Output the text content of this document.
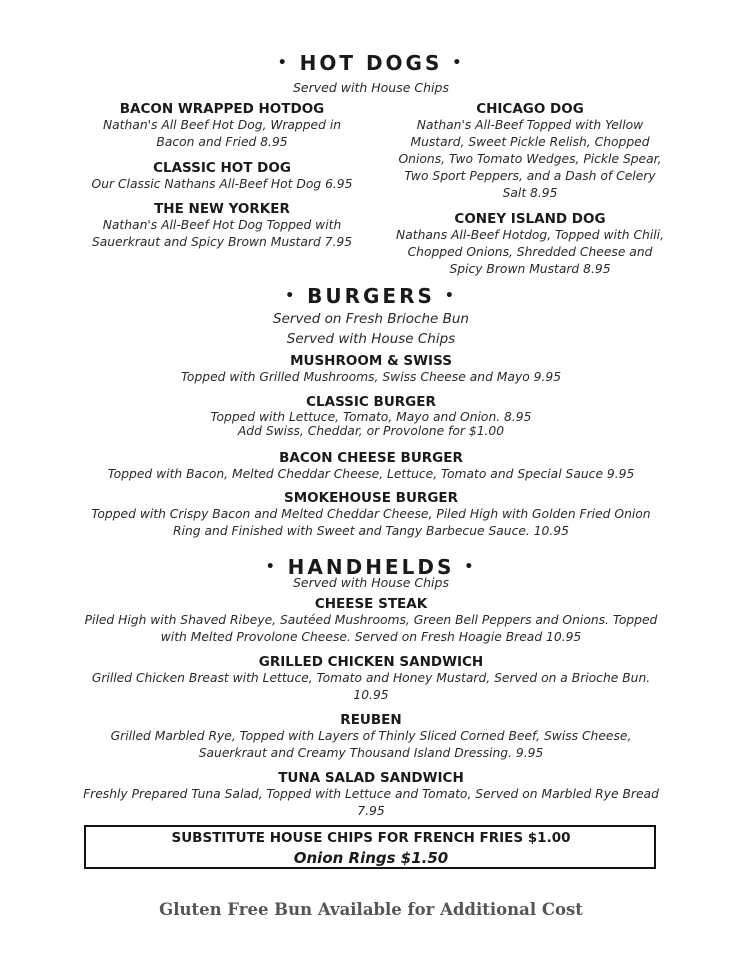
• HOT DOGS •
Served with House Chips
BACON WRAPPED HOTDOG
Nathan's All Beef Hot Dog, Wrapped in
Bacon and Fried 8.95
CLASSIC HOT DOG
Our Classic Nathans All-Beef Hot Dog 6.95
THE NEW YORKER
Nathan's All-Beef Hot Dog Topped with
Sauerkraut and Spicy Brown Mustard 7.95
CHICAGO DOG
Nathan's All-Beef Topped with Yellow
Mustard, Sweet Pickle Relish, Chopped
Onions, Two Tomato Wedges, Pickle Spear,
Two Sport Peppers, and a Dash of Celery
Salt 8.95
CONEY ISLAND DOG
Nathans All-Beef Hotdog, Topped with Chili,
Chopped Onions, Shredded Cheese and
Spicy Brown Mustard 8.95
• BURGERS •
Served on Fresh Brioche Bun
Served with House Chips
MUSHROOM & SWISS
Topped with Grilled Mushrooms, Swiss Cheese and Mayo 9.95
CLASSIC BURGER
Topped with Lettuce, Tomato, Mayo and Onion. 8.95
Add Swiss, Cheddar, or Provolone for $1.00
BACON CHEESE BURGER
Topped with Bacon, Melted Cheddar Cheese, Lettuce, Tomato and Special Sauce 9.95
SMOKEHOUSE BURGER
Topped with Crispy Bacon and Melted Cheddar Cheese, Piled High with Golden Fried Onion
Ring and Finished with Sweet and Tangy Barbecue Sauce. 10.95
• HANDHELDS •
Served with House Chips
CHEESE STEAK
Piled High with Shaved Ribeye, Sautéed Mushrooms, Green Bell Peppers and Onions. Topped
with Melted Provolone Cheese. Served on Fresh Hoagie Bread 10.95
GRILLED CHICKEN SANDWICH
Grilled Chicken Breast with Lettuce, Tomato and Honey Mustard, Served on a Brioche Bun.
10.95
REUBEN
Grilled Marbled Rye, Topped with Layers of Thinly Sliced Corned Beef, Swiss Cheese,
Sauerkraut and Creamy Thousand Island Dressing. 9.95
TUNA SALAD SANDWICH
Freshly Prepared Tuna Salad, Topped with Lettuce and Tomato, Served on Marbled Rye Bread
7.95
SUBSTITUTE HOUSE CHIPS FOR FRENCH FRIES $1.00
Onion Rings $1.50
Gluten Free Bun Available for Additional Cost
